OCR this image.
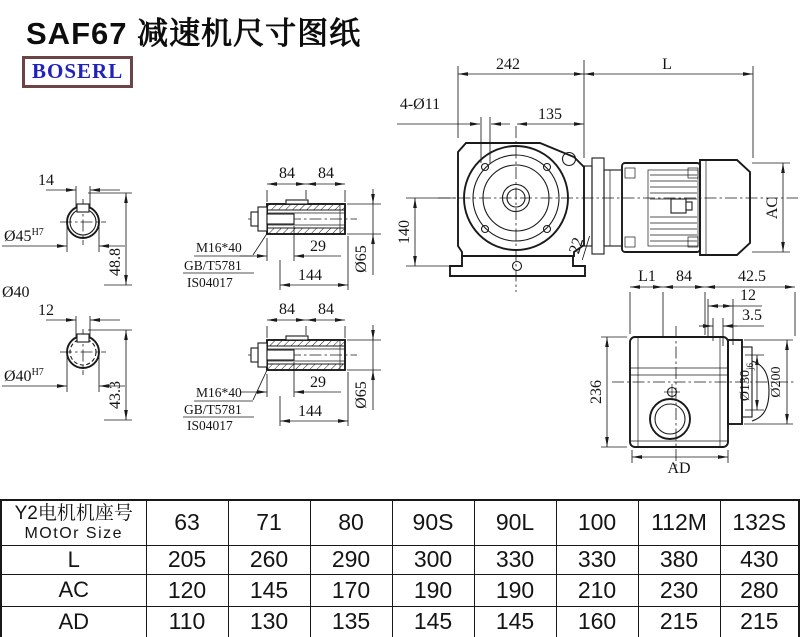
SAF67 减速机尺寸图纸
BOSERL	242	L
4-Ø11
135
140
22
AC
14
$Ø45^{H7}$
48.8
Ø40
12
$Ø40^{H7}$
43.3
84 84
29
144
Ø65
M16*40
GB/T5781
IS04017
84 84
29
144
Ø65
M16*40
GB/T5781
IS04017
L1 84	42.5
12
3.5
236
AD
$Ø130_{j6}$ Ø200
Y2电机机座号
MOtOr Size	63	71	80	90S	90L	100	112M	132S
L	205	260	290	300	330	330	380	430
AC	120	145	170	190	190	210	230	280
AD	110	130	135	145	145	160	215	215
